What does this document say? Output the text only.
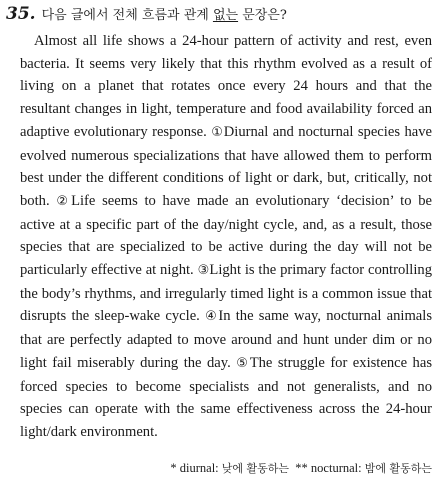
35. 다음 글에서 전체 흐름과 관계 없는 문장은?

Almost all life shows a 24-hour pattern of activity and rest, even bacteria. It seems very likely that this rhythm evolved as a result of living on a planet that rotates once every 24 hours and that the resultant changes in light, temperature and food availability forced an adaptive evolutionary response. ①Diurnal and nocturnal species have evolved numerous specializations that have allowed them to perform best under the different conditions of light or dark, but, critically, not both. ②Life seems to have made an evolutionary ‘decision’ to be active at a specific part of the day/night cycle, and, as a result, those species that are specialized to be active during the day will not be particularly effective at night. ③Light is the primary factor controlling the body’s rhythms, and irregularly timed light is a common issue that disrupts the sleep-wake cycle. ④In the same way, nocturnal animals that are perfectly adapted to move around and hunt under dim or no light fail miserably during the day. ⑤The struggle for existence has forced species to become specialists and not generalists, and no species can operate with the same effectiveness across the 24-hour light/dark environment.

* diurnal: 낮에 활동하는  ** nocturnal: 밤에 활동하는
